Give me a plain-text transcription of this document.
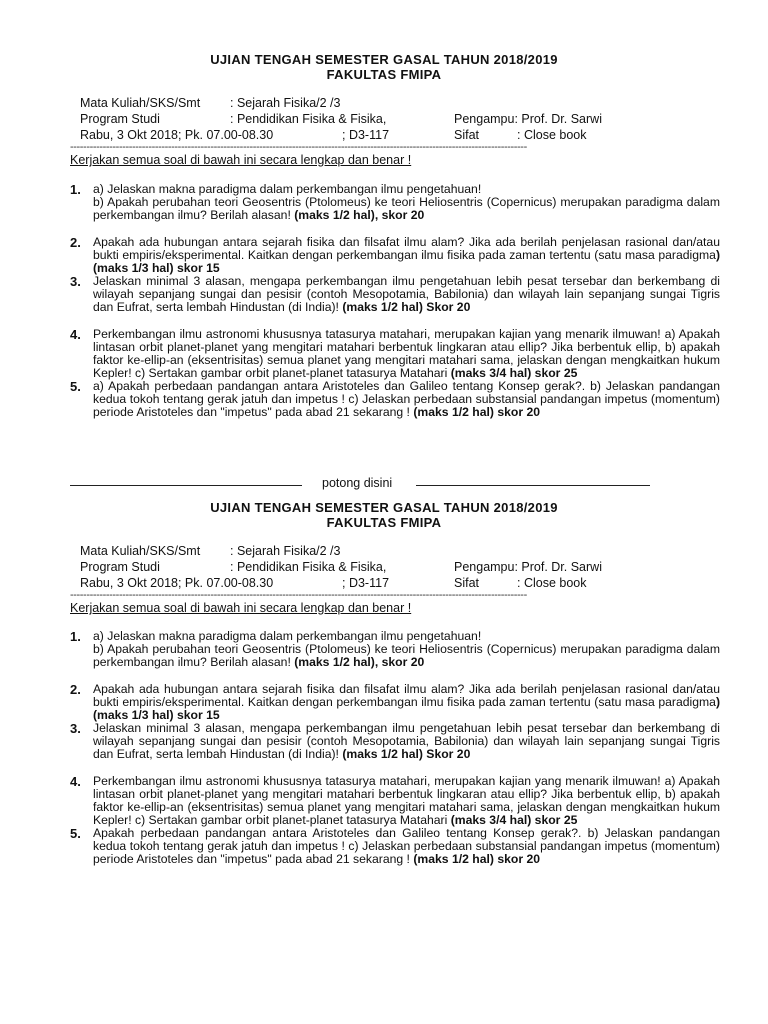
UJIAN TENGAH SEMESTER GASAL TAHUN 2018/2019

FAKULTAS FMIPA

Mata Kuliah/SKS/Smt : Sejarah Fisika/2 /3
Program Studi	: Pendidikan Fisika & Fisika,	Pengampu: Prof. Dr. Sarwi
Rabu, 3 Okt 2018; Pk. 07.00-08.30	; D3-117	Sifat	: Close book
--------------------------------------------------------------------------------------------------------------------------------------------
Kerjakan semua soal di bawah ini secara lengkap dan benar !
1. a) Jelaskan makna paradigma dalam perkembangan ilmu pengetahuan!
b) Apakah perubahan teori Geosentris (Ptolomeus) ke teori Heliosentris (Copernicus) merupakan paradigma dalam perkembangan ilmu? Berilah alasan! (maks 1/2 hal), skor 20
2. Apakah ada hubungan antara sejarah fisika dan filsafat ilmu alam? Jika ada berilah penjelasan rasional dan/atau bukti empiris/eksperimental. Kaitkan dengan perkembangan ilmu fisika pada zaman tertentu (satu masa paradigma) (maks 1/3 hal) skor 15
3. Jelaskan minimal 3 alasan, mengapa perkembangan ilmu pengetahuan lebih pesat tersebar dan berkembang di wilayah sepanjang sungai dan pesisir (contoh Mesopotamia, Babilonia) dan wilayah lain sepanjang sungai Tigris dan Eufrat, serta lembah Hindustan (di India)! (maks 1/2 hal) Skor 20
4. Perkembangan ilmu astronomi khususnya tatasurya matahari, merupakan kajian yang menarik ilmuwan! a) Apakah lintasan orbit planet-planet yang mengitari matahari berbentuk lingkaran atau ellip? Jika berbentuk ellip, b) apakah faktor ke-ellip-an (eksentrisitas) semua planet yang mengitari matahari sama, jelaskan dengan mengkaitkan hukum Kepler! c) Sertakan gambar orbit planet-planet tatasurya Matahari (maks 3/4 hal) skor 25
5. a) Apakah perbedaan pandangan antara Aristoteles dan Galileo tentang Konsep gerak?. b) Jelaskan pandangan kedua tokoh tentang gerak jatuh dan impetus ! c) Jelaskan perbedaan substansial pandangan impetus (momentum) periode Aristoteles dan "impetus" pada abad 21 sekarang ! (maks 1/2 hal) skor 20
potong disini

UJIAN TENGAH SEMESTER GASAL TAHUN 2018/2019

FAKULTAS FMIPA

Mata Kuliah/SKS/Smt : Sejarah Fisika/2 /3
Program Studi	: Pendidikan Fisika & Fisika,	Pengampu: Prof. Dr. Sarwi
Rabu, 3 Okt 2018; Pk. 07.00-08.30	; D3-117	Sifat	: Close book
--------------------------------------------------------------------------------------------------------------------------------------------
Kerjakan semua soal di bawah ini secara lengkap dan benar !
1. a) Jelaskan makna paradigma dalam perkembangan ilmu pengetahuan!
b) Apakah perubahan teori Geosentris (Ptolomeus) ke teori Heliosentris (Copernicus) merupakan paradigma dalam perkembangan ilmu? Berilah alasan! (maks 1/2 hal), skor 20
2. Apakah ada hubungan antara sejarah fisika dan filsafat ilmu alam? Jika ada berilah penjelasan rasional dan/atau bukti empiris/eksperimental. Kaitkan dengan perkembangan ilmu fisika pada zaman tertentu (satu masa paradigma) (maks 1/3 hal) skor 15
3. Jelaskan minimal 3 alasan, mengapa perkembangan ilmu pengetahuan lebih pesat tersebar dan berkembang di wilayah sepanjang sungai dan pesisir (contoh Mesopotamia, Babilonia) dan wilayah lain sepanjang sungai Tigris dan Eufrat, serta lembah Hindustan (di India)! (maks 1/2 hal) Skor 20
4. Perkembangan ilmu astronomi khususnya tatasurya matahari, merupakan kajian yang menarik ilmuwan! a) Apakah lintasan orbit planet-planet yang mengitari matahari berbentuk lingkaran atau ellip? Jika berbentuk ellip, b) apakah faktor ke-ellip-an (eksentrisitas) semua planet yang mengitari matahari sama, jelaskan dengan mengkaitkan hukum Kepler! c) Sertakan gambar orbit planet-planet tatasurya Matahari (maks 3/4 hal) skor 25
5. Apakah perbedaan pandangan antara Aristoteles dan Galileo tentang Konsep gerak?. b) Jelaskan pandangan kedua tokoh tentang gerak jatuh dan impetus ! c) Jelaskan perbedaan substansial pandangan impetus (momentum) periode Aristoteles dan "impetus" pada abad 21 sekarang ! (maks 1/2 hal) skor 20
